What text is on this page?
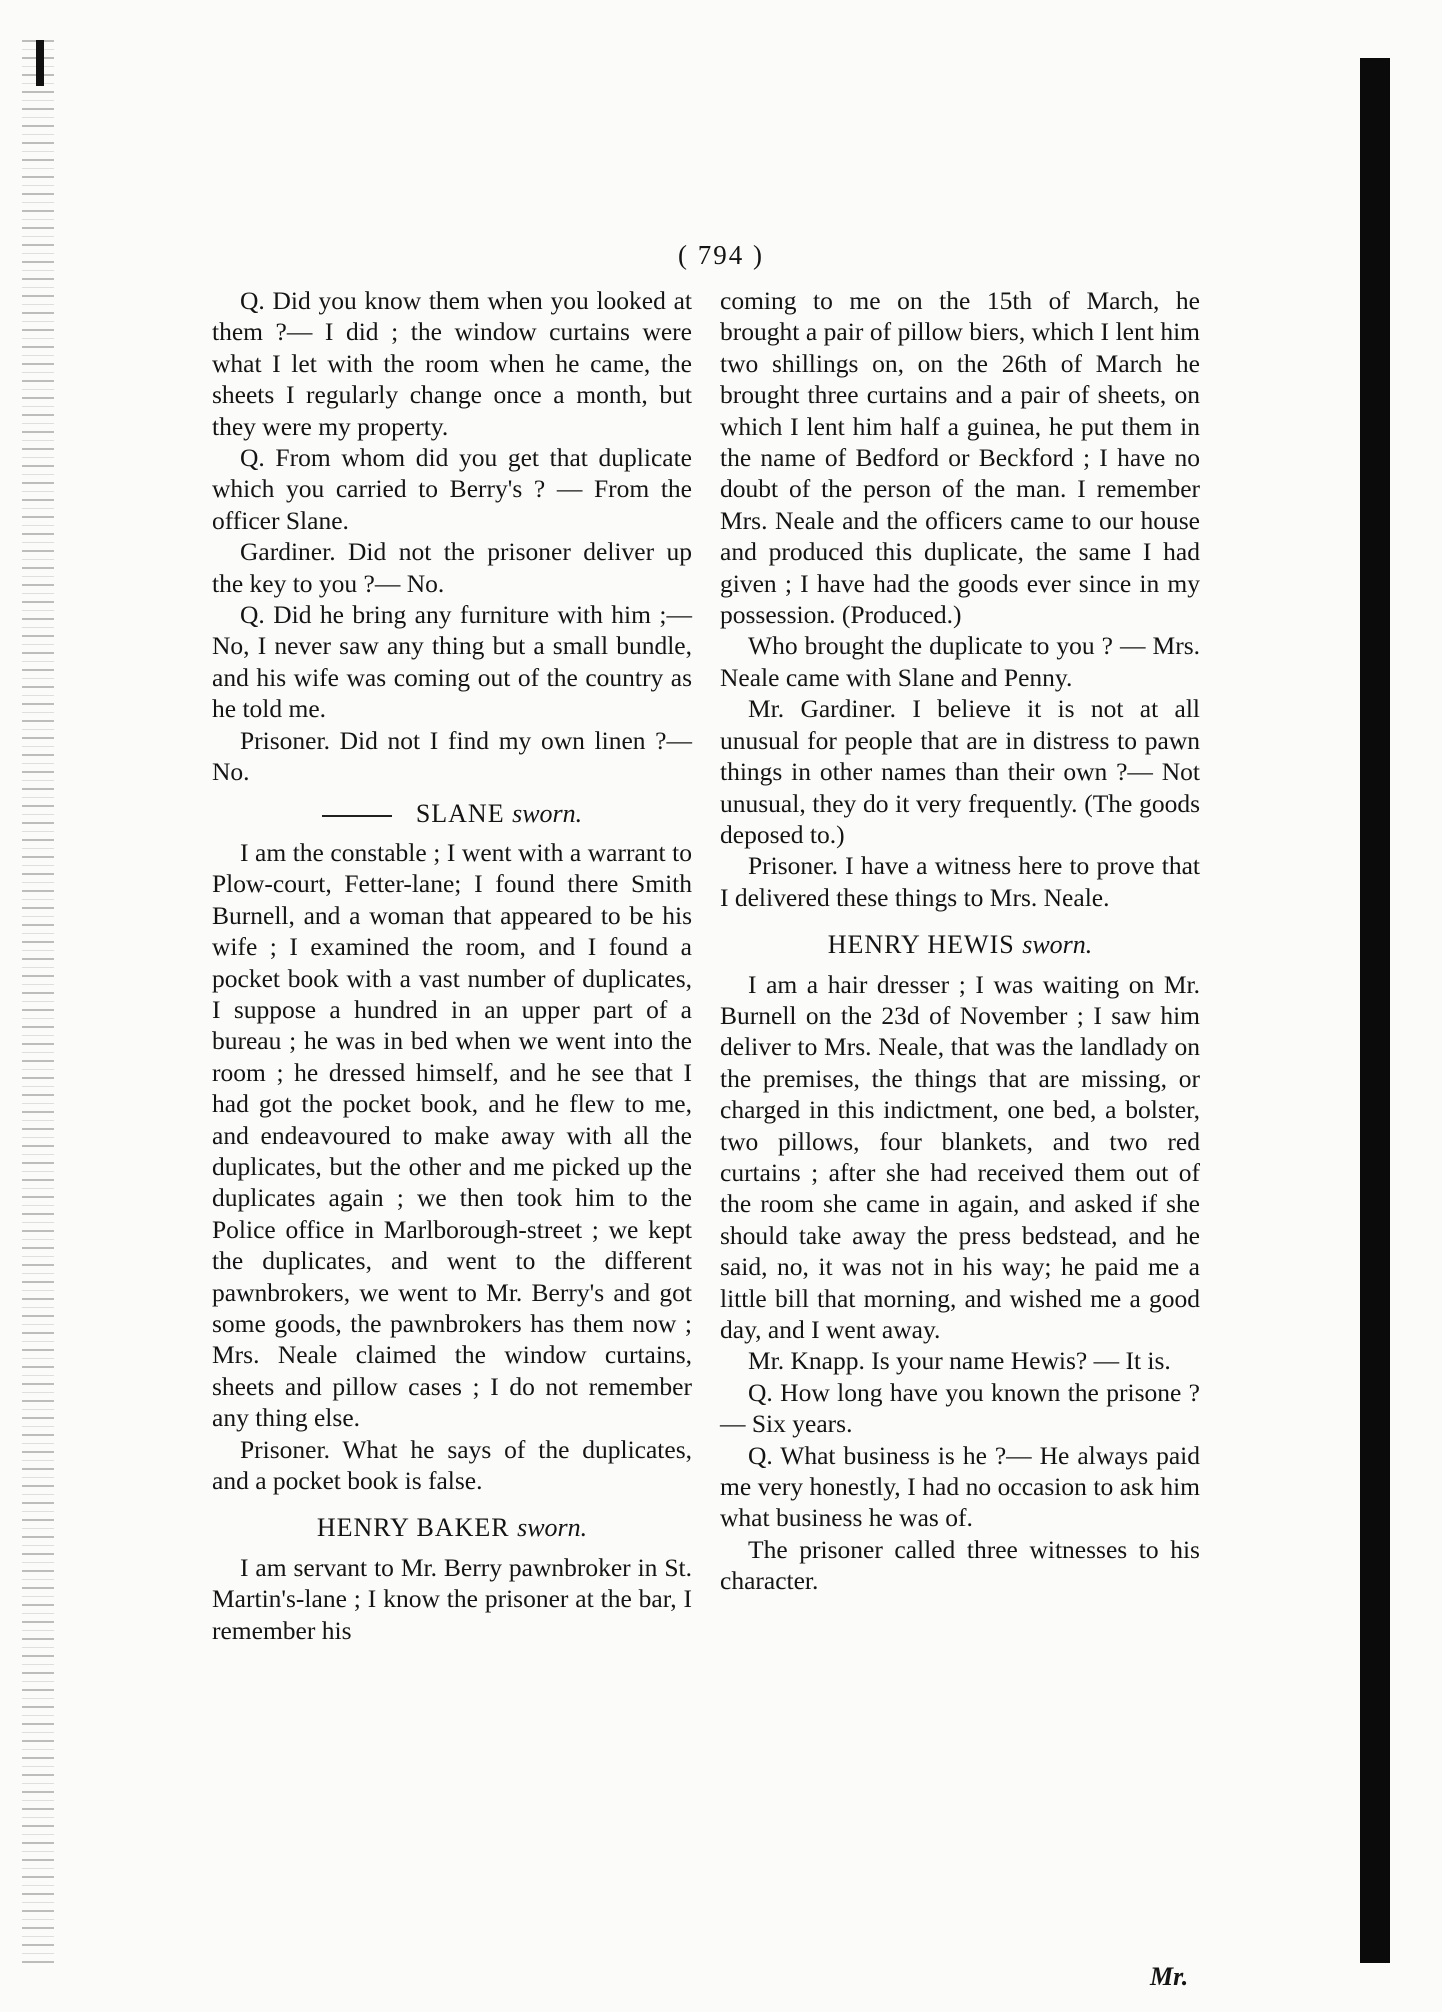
( 794 )

Q. Did you know them when you looked at them ?— I did ; the window curtains were what I let with the room when he came, the sheets I regularly change once a month, but they were my property.

Q. From whom did you get that duplicate which you carried to Berry's ? — From the officer Slane.

Gardiner. Did not the prisoner deliver up the key to you ?— No.

Q. Did he bring any furniture with him ;— No, I never saw any thing but a small bundle, and his wife was coming out of the country as he told me.

Prisoner. Did not I find my own linen ?— No.

SLANE sworn.

I am the constable ; I went with a warrant to Plow-court, Fetter-lane; I found there Smith Burnell, and a woman that appeared to be his wife ; I examined the room, and I found a pocket book with a vast number of duplicates, I suppose a hundred in an upper part of a bureau ; he was in bed when we went into the room ; he dressed himself, and he see that I had got the pocket book, and he flew to me, and endeavoured to make away with all the duplicates, but the other and me picked up the duplicates again ; we then took him to the Police office in Marlborough-street ; we kept the duplicates, and went to the different pawnbrokers, we went to Mr. Berry's and got some goods, the pawnbrokers has them now ; Mrs. Neale claimed the window curtains, sheets and pillow cases ; I do not remember any thing else.

Prisoner. What he says of the duplicates, and a pocket book is false.

HENRY BAKER sworn.

I am servant to Mr. Berry pawnbroker in St. Martin's-lane ; I know the prisoner at the bar, I remember his

coming to me on the 15th of March, he brought a pair of pillow biers, which I lent him two shillings on, on the 26th of March he brought three curtains and a pair of sheets, on which I lent him half a guinea, he put them in the name of Bedford or Beckford ; I have no doubt of the person of the man. I remember Mrs. Neale and the officers came to our house and produced this duplicate, the same I had given ; I have had the goods ever since in my possession. (Produced.)

Who brought the duplicate to you ? — Mrs. Neale came with Slane and Penny.

Mr. Gardiner. I believe it is not at all unusual for people that are in distress to pawn things in other names than their own ?— Not unusual, they do it very frequently. (The goods deposed to.)

Prisoner. I have a witness here to prove that I delivered these things to Mrs. Neale.

HENRY HEWIS sworn.

I am a hair dresser ; I was waiting on Mr. Burnell on the 23d of November ; I saw him deliver to Mrs. Neale, that was the landlady on the premises, the things that are missing, or charged in this indictment, one bed, a bolster, two pillows, four blankets, and two red curtains ; after she had received them out of the room she came in again, and asked if she should take away the press bedstead, and he said, no, it was not in his way; he paid me a little bill that morning, and wished me a good day, and I went away.

Mr. Knapp. Is your name Hewis? — It is.

Q. How long have you known the prisone ?— Six years.

Q. What business is he ?— He always paid me very honestly, I had no occasion to ask him what business he was of.

The prisoner called three witnesses to his character.

Mr.
